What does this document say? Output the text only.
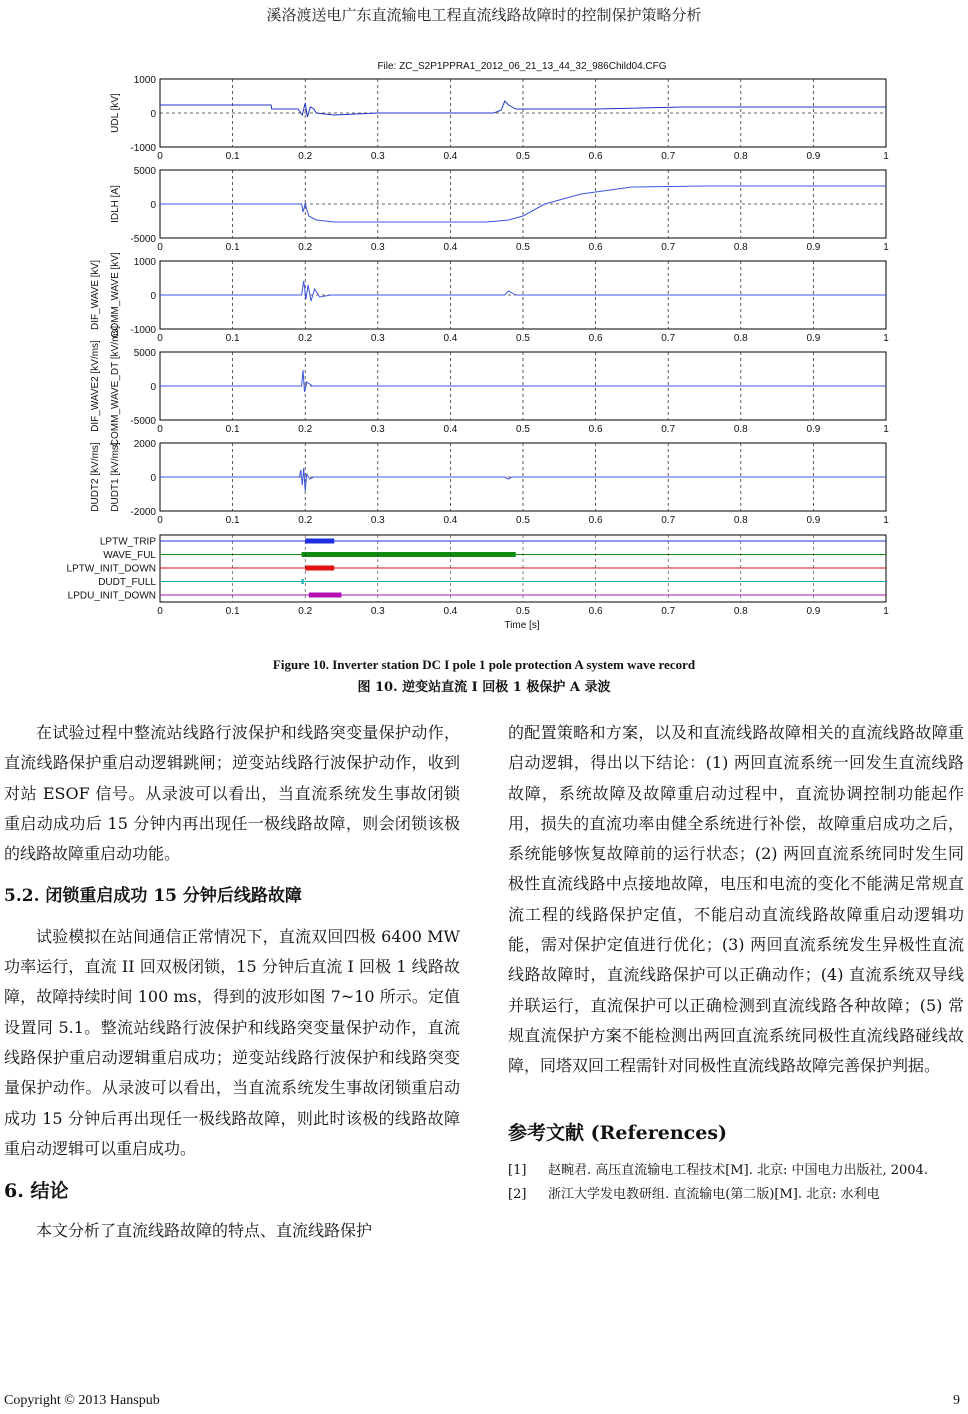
溪洛渡送电广东直流输电工程直流线路故障时的控制保护策略分析
File: ZC_S2P1PPRA1_2012_06_21_13_44_32_986Child04.CFG
0	0.1	0.2	0.3	0.4	0.5	0.6	0.7	0.8	0.9	1
1000
0
-1000
UDL [kV]
0	0.1	0.2	0.3	0.4	0.5	0.6	0.7	0.8	0.9	1
5000
0
-5000
IDLH [A]
0	0.1	0.2	0.3	0.4	0.5	0.6	0.7	0.8	0.9	1
1000
0
-1000
COMM_WAVE [kV]
DIF_WAVE [kV]
0	0.1	0.2	0.3	0.4	0.5	0.6	0.7	0.8	0.9	1
5000
0
-5000
COMM_WAVE_DT [kV/ms]
DIF_WAVE2 [kV/ms]
0	0.1	0.2	0.3	0.4	0.5	0.6	0.7	0.8	0.9	1
2000
0
-2000
DUDT1 [kV/ms]
DUDT2 [kV/ms]
LPTW_TRIP
WAVE_FUL
LPTW_INIT_DOWN
DUDT_FULL
LPDU_INIT_DOWN
0	0.1	0.2	0.3	0.4	0.5	0.6	0.7	0.8	0.9	1
Time [s]
Figure 10. Inverter station DC I pole 1 pole protection A system wave record
图 10. 逆变站直流 I 回极 1 极保护 A 录波

在试验过程中整流站线路行波保护和线路突变量保护动作，直流线路保护重启动逻辑跳闸；逆变站线路行波保护动作，收到对站 ESOF 信号。从录波可以看出，当直流系统发生事故闭锁重启动成功后 15 分钟内再出现任一极线路故障，则会闭锁该极的线路故障重启动功能。

5.2. 闭锁重启成功 15 分钟后线路故障

试验模拟在站间通信正常情况下，直流双回四极 6400 MW 功率运行，直流 II 回双极闭锁，15 分钟后直流 I 回极 1 线路故障，故障持续时间 100 ms，得到的波形如图 7~10 所示。定值设置同 5.1。整流站线路行波保护和线路突变量保护动作，直流线路保护重启动逻辑重启成功；逆变站线路行波保护和线路突变量保护动作。从录波可以看出，当直流系统发生事故闭锁重启动成功 15 分钟后再出现任一极线路故障，则此时该极的线路故障重启动逻辑可以重启成功。

6. 结论

本文分析了直流线路故障的特点、直流线路保护

的配置策略和方案，以及和直流线路故障相关的直流线路故障重启动逻辑，得出以下结论：(1) 两回直流系统一回发生直流线路故障，系统故障及故障重启动过程中，直流协调控制功能起作用，损失的直流功率由健全系统进行补偿，故障重启成功之后，系统能够恢复故障前的运行状态；(2) 两回直流系统同时发生同极性直流线路中点接地故障，电压和电流的变化不能满足常规直流工程的线路保护定值，不能启动直流线路故障重启动逻辑功能，需对保护定值进行优化；(3) 两回直流系统发生异极性直流线路故障时，直流线路保护可以正确动作；(4) 直流系统双导线并联运行，直流保护可以正确检测到直流线路各种故障；(5) 常规直流保护方案不能检测出两回直流系统同极性直流线路碰线故障，同塔双回工程需针对同极性直流线路故障完善保护判据。

参考文献 (References)

[1]	赵畹君. 高压直流输电工程技术[M]. 北京: 中国电力出版社, 2004.
[2]	浙江大学发电教研组. 直流输电(第二版)[M]. 北京: 水利电
Copyright © 2013 Hanspub	9
